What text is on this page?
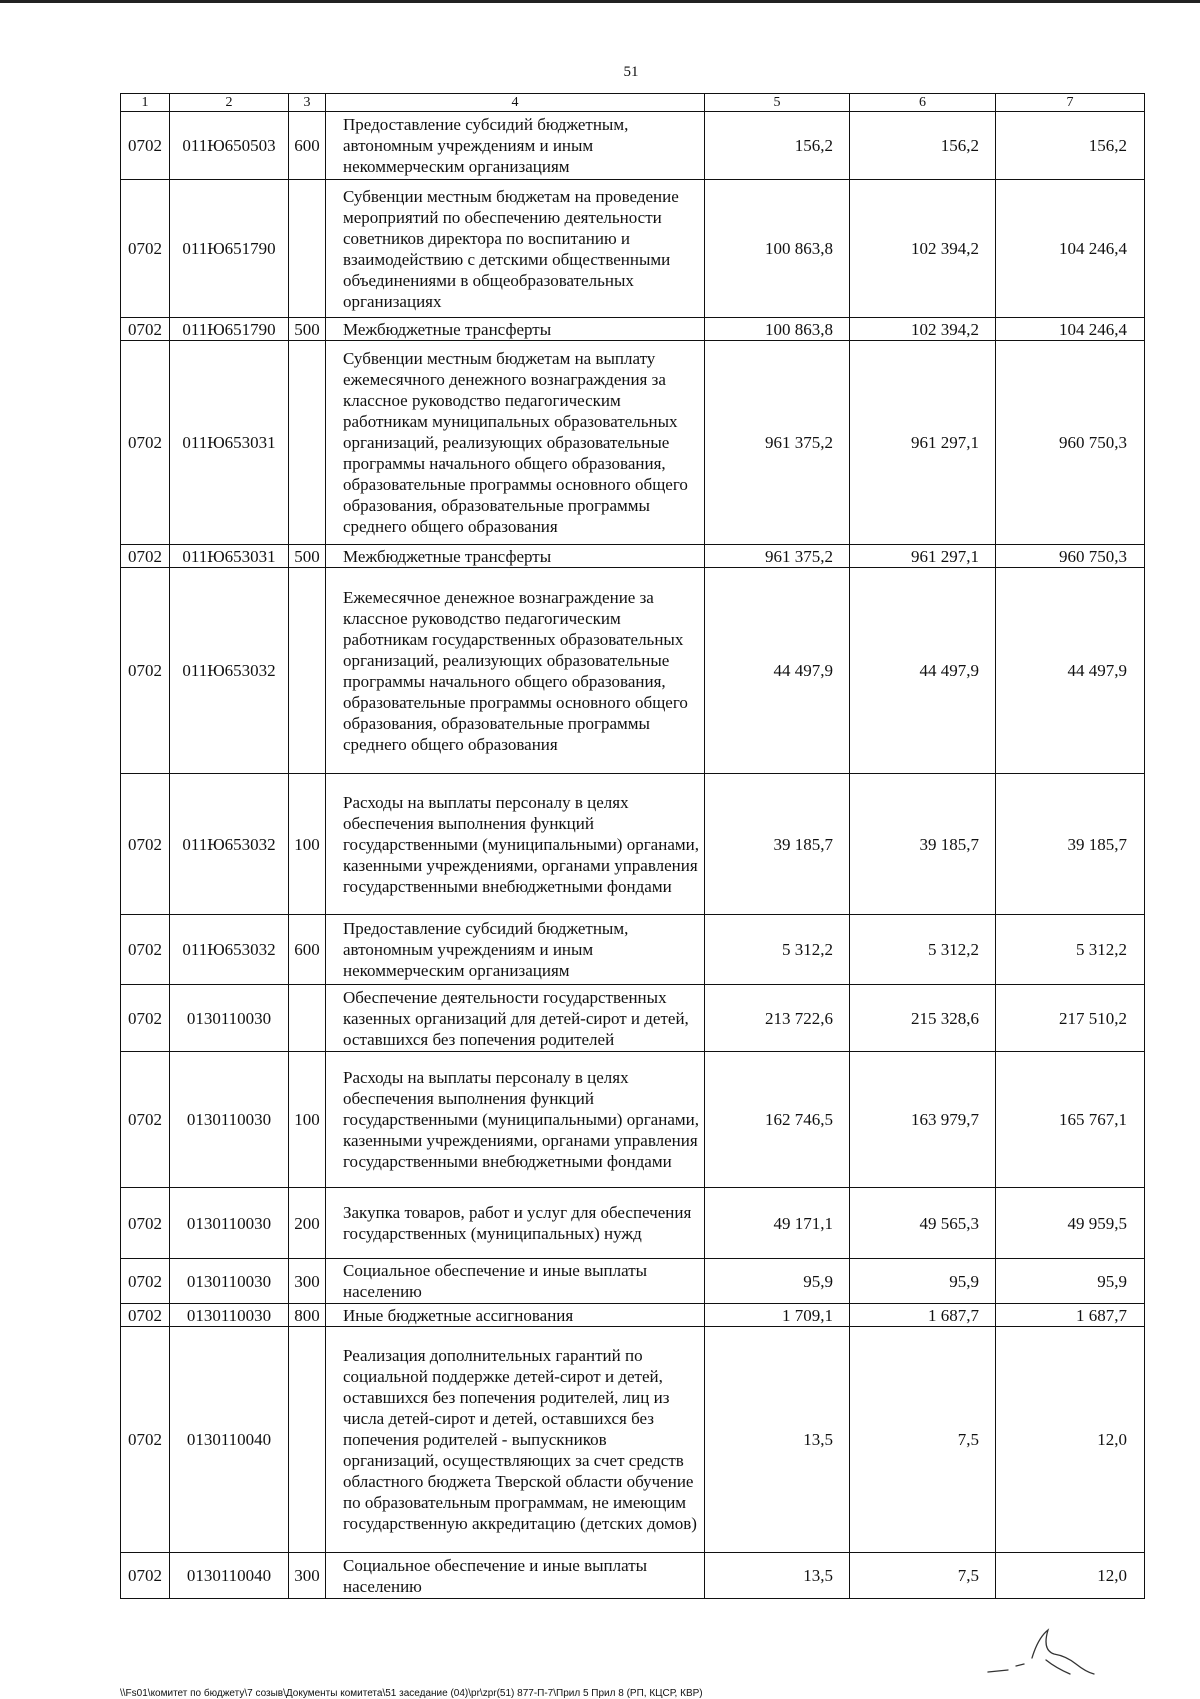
51
1	2	3	4	5	6	7
0702	011Ю650503	600	Предоставление субсидий бюджетным, автономным учреждениям и иным некоммерческим организациям	156,2	156,2	156,2
0702	011Ю651790		Субвенции местным бюджетам на проведение мероприятий по обеспечению деятельности советников директора по воспитанию и взаимодействию с детскими общественными объединениями в общеобразовательных организациях	100 863,8	102 394,2	104 246,4
0702	011Ю651790	500	Межбюджетные трансферты	100 863,8	102 394,2	104 246,4
0702	011Ю653031		Субвенции местным бюджетам на выплату ежемесячного денежного вознаграждения за классное руководство педагогическим работникам муниципальных образовательных организаций, реализующих образовательные программы начального общего образования, образовательные программы основного общего образования, образовательные программы среднего общего образования	961 375,2	961 297,1	960 750,3
0702	011Ю653031	500	Межбюджетные трансферты	961 375,2	961 297,1	960 750,3
0702	011Ю653032		Ежемесячное денежное вознаграждение за классное руководство педагогическим работникам государственных образовательных организаций, реализующих образовательные программы начального общего образования, образовательные программы основного общего образования, образовательные программы среднего общего образования	44 497,9	44 497,9	44 497,9
0702	011Ю653032	100	Расходы на выплаты персоналу в целях обеспечения выполнения функций государственными (муниципальными) органами, казенными учреждениями, органами управления государственными внебюджетными фондами	39 185,7	39 185,7	39 185,7
0702	011Ю653032	600	Предоставление субсидий бюджетным, автономным учреждениям и иным некоммерческим организациям	5 312,2	5 312,2	5 312,2
0702	0130110030		Обеспечение деятельности государственных казенных организаций для детей-сирот и детей, оставшихся без попечения родителей	213 722,6	215 328,6	217 510,2
0702	0130110030	100	Расходы на выплаты персоналу в целях обеспечения выполнения функций государственными (муниципальными) органами, казенными учреждениями, органами управления государственными внебюджетными фондами	162 746,5	163 979,7	165 767,1
0702	0130110030	200	Закупка товаров, работ и услуг для обеспечения государственных (муниципальных) нужд	49 171,1	49 565,3	49 959,5
0702	0130110030	300	Социальное обеспечение и иные выплаты населению	95,9	95,9	95,9
0702	0130110030	800	Иные бюджетные ассигнования	1 709,1	1 687,7	1 687,7
0702	0130110040		Реализация дополнительных гарантий по социальной поддержке детей-сирот и детей, оставшихся без попечения родителей, лиц из числа детей-сирот и детей, оставшихся без попечения родителей - выпускников организаций, осуществляющих за счет средств областного бюджета Тверской области обучение по образовательным программам, не имеющим государственную аккредитацию (детских домов)	13,5	7,5	12,0
0702	0130110040	300	Социальное обеспечение и иные выплаты населению	13,5	7,5	12,0
\\Fs01\комитет по бюджету\7 созыв\Документы комитета\51 заседание (04)\pr\zpr(51) 877-П-7\Прил 5 Прил 8 (РП, КЦСР, КВР)
